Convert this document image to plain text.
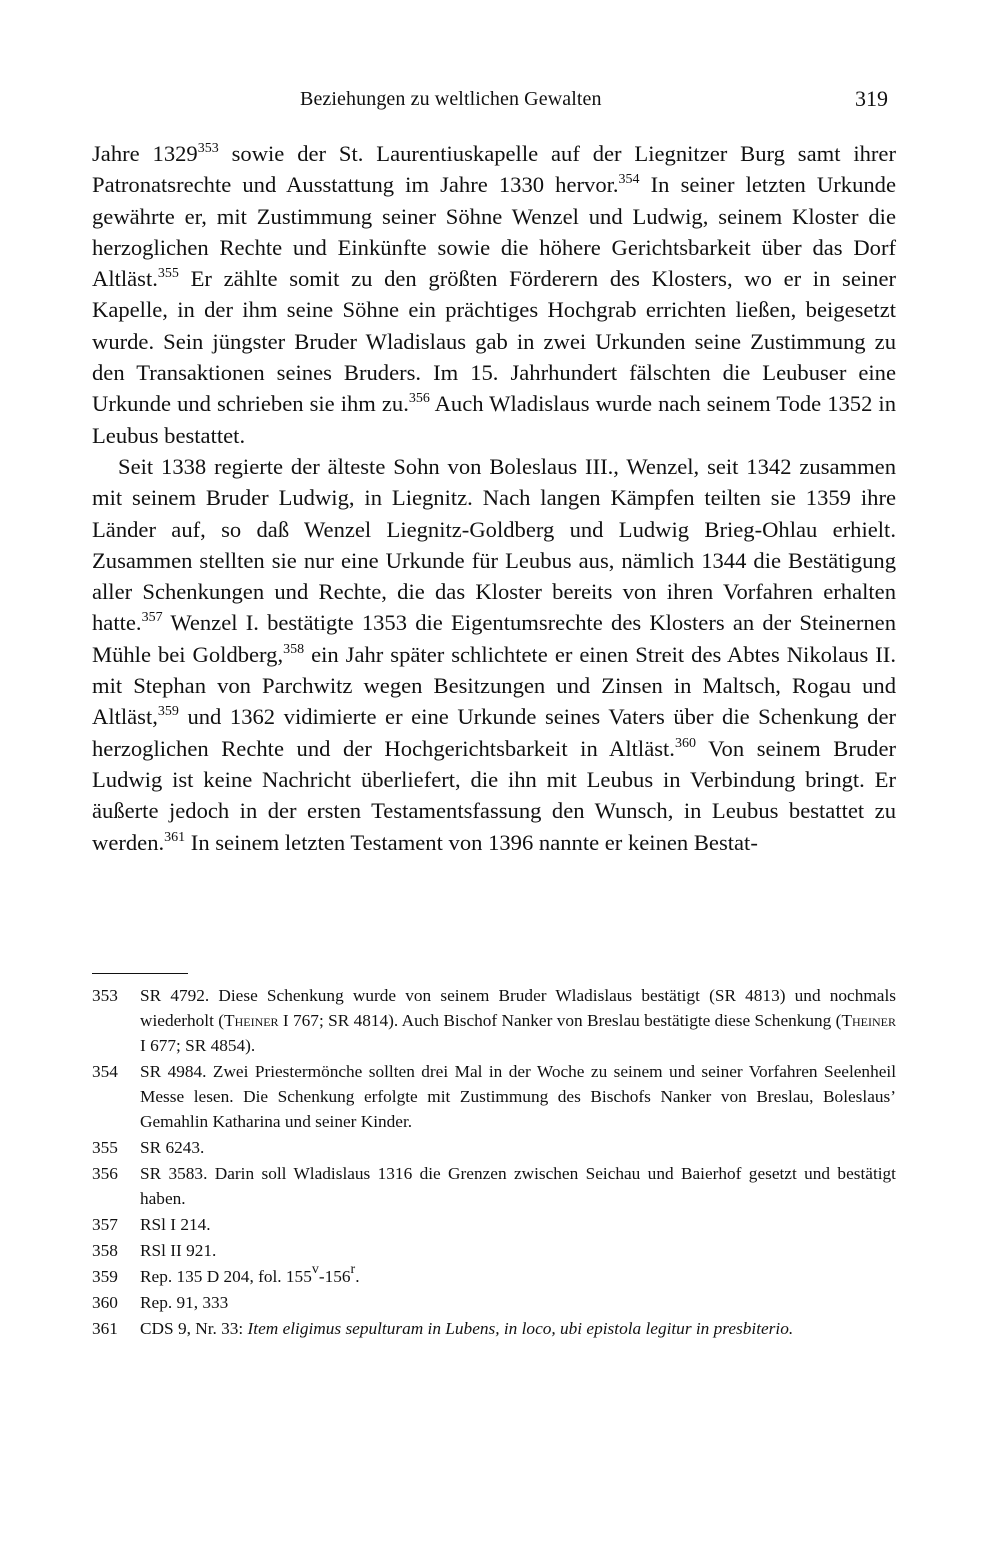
Beziehungen zu weltlichen Gewalten	319

Jahre 1329$^{353}$ sowie der St. Laurentiuskapelle auf der Liegnitzer Burg samt ihrer Patronatsrechte und Ausstattung im Jahre 1330 hervor.$^{354}$ In seiner letzten Urkunde gewährte er, mit Zustimmung seiner Söhne Wenzel und Ludwig, seinem Kloster die herzoglichen Rechte und Einkünfte sowie die höhere Gerichtsbarkeit über das Dorf Altläst.$^{355}$ Er zählte somit zu den größten Förderern des Klosters, wo er in seiner Kapelle, in der ihm seine Söhne ein prächtiges Hochgrab errichten ließen, beigesetzt wurde. Sein jüngster Bruder Wladislaus gab in zwei Urkunden seine Zustimmung zu den Transaktionen seines Bruders. Im 15. Jahrhundert fälschten die Leubuser eine Urkunde und schrieben sie ihm zu.$^{356}$ Auch Wladislaus wurde nach seinem Tode 1352 in Leubus bestattet.

Seit 1338 regierte der älteste Sohn von Boleslaus III., Wenzel, seit 1342 zusammen mit seinem Bruder Ludwig, in Liegnitz. Nach langen Kämpfen teilten sie 1359 ihre Länder auf, so daß Wenzel Liegnitz-Goldberg und Ludwig Brieg-Ohlau erhielt. Zusammen stellten sie nur eine Urkunde für Leubus aus, nämlich 1344 die Bestätigung aller Schenkungen und Rechte, die das Kloster bereits von ihren Vorfahren erhalten hatte.$^{357}$ Wenzel I. bestätigte 1353 die Eigentumsrechte des Klosters an der Steinernen Mühle bei Goldberg,$^{358}$ ein Jahr später schlichtete er einen Streit des Abtes Nikolaus II. mit Stephan von Parchwitz wegen Besitzungen und Zinsen in Maltsch, Rogau und Altläst,$^{359}$ und 1362 vidimierte er eine Urkunde seines Vaters über die Schenkung der herzoglichen Rechte und der Hochgerichtsbarkeit in Altläst.$^{360}$ Von seinem Bruder Ludwig ist keine Nachricht überliefert, die ihn mit Leubus in Verbindung bringt. Er äußerte jedoch in der ersten Testamentsfassung den Wunsch, in Leubus bestattet zu werden.$^{361}$ In seinem letzten Testament von 1396 nannte er keinen Bestat-

353	SR 4792. Diese Schenkung wurde von seinem Bruder Wladislaus bestätigt (SR 4813) und nochmals wiederholt (Theiner I 767; SR 4814). Auch Bischof Nanker von Breslau bestätigte diese Schenkung (Theiner I 677; SR 4854).
354	SR 4984. Zwei Priestermönche sollten drei Mal in der Woche zu seinem und seiner Vorfahren Seelenheil Messe lesen. Die Schenkung erfolgte mit Zustimmung des Bischofs Nanker von Breslau, Boleslaus’ Gemahlin Katharina und seiner Kinder.
355	SR 6243.
356	SR 3583. Darin soll Wladislaus 1316 die Grenzen zwischen Seichau und Baierhof gesetzt und bestätigt haben.
357	RSl I 214.
358	RSl II 921.
359	Rep. 135 D 204, fol. 155$^v$-156$^r$.
360	Rep. 91, 333
361	CDS 9, Nr. 33: Item eligimus sepulturam in Lubens, in loco, ubi epistola legitur in presbiterio.
